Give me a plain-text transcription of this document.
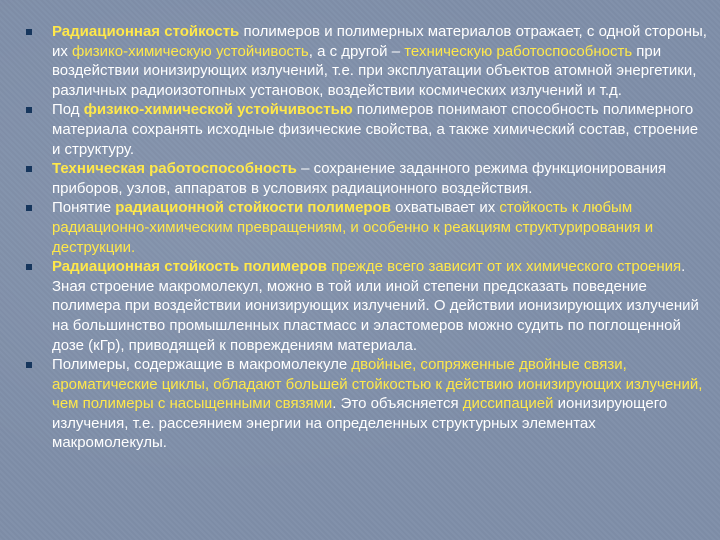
Радиационная стойкость полимеров и полимерных материалов отражает, с одной стороны, их физико-химическую устойчивость, а с другой – техническую работоспособность при воздействии ионизирующих излучений, т.е. при эксплуатации объектов атомной энергетики, различных радиоизотопных установок, воздействии космических излучений и т.д.
Под физико-химической устойчивостью полимеров понимают способность полимерного материала сохранять исходные физические свойства, а также химический состав, строение и структуру.
Техническая работоспособность – сохранение заданного режима функционирования приборов, узлов, аппаратов в условиях радиационного воздействия.
Понятие радиационной стойкости полимеров охватывает их стойкость к любым радиационно-химическим превращениям, и особенно к реакциям структурирования и деструкции.
Радиационная стойкость полимеров прежде всего зависит от их химического строения. Зная строение макромолекул, можно в той или иной степени предсказать поведение полимера при воздействии ионизирующих излучений. О действии ионизирующих излучений на большинство промышленных пластмасс и эластомеров можно судить по поглощенной дозе (кГр), приводящей к повреждениям материала.
Полимеры, содержащие в макромолекуле двойные, сопряженные двойные связи, ароматические циклы, обладают большей стойкостью к действию ионизирующих излучений, чем полимеры с насыщенными связями. Это объясняется диссипацией ионизирующего излучения, т.е. рассеянием энергии на определенных структурных элементах макромолекулы.
